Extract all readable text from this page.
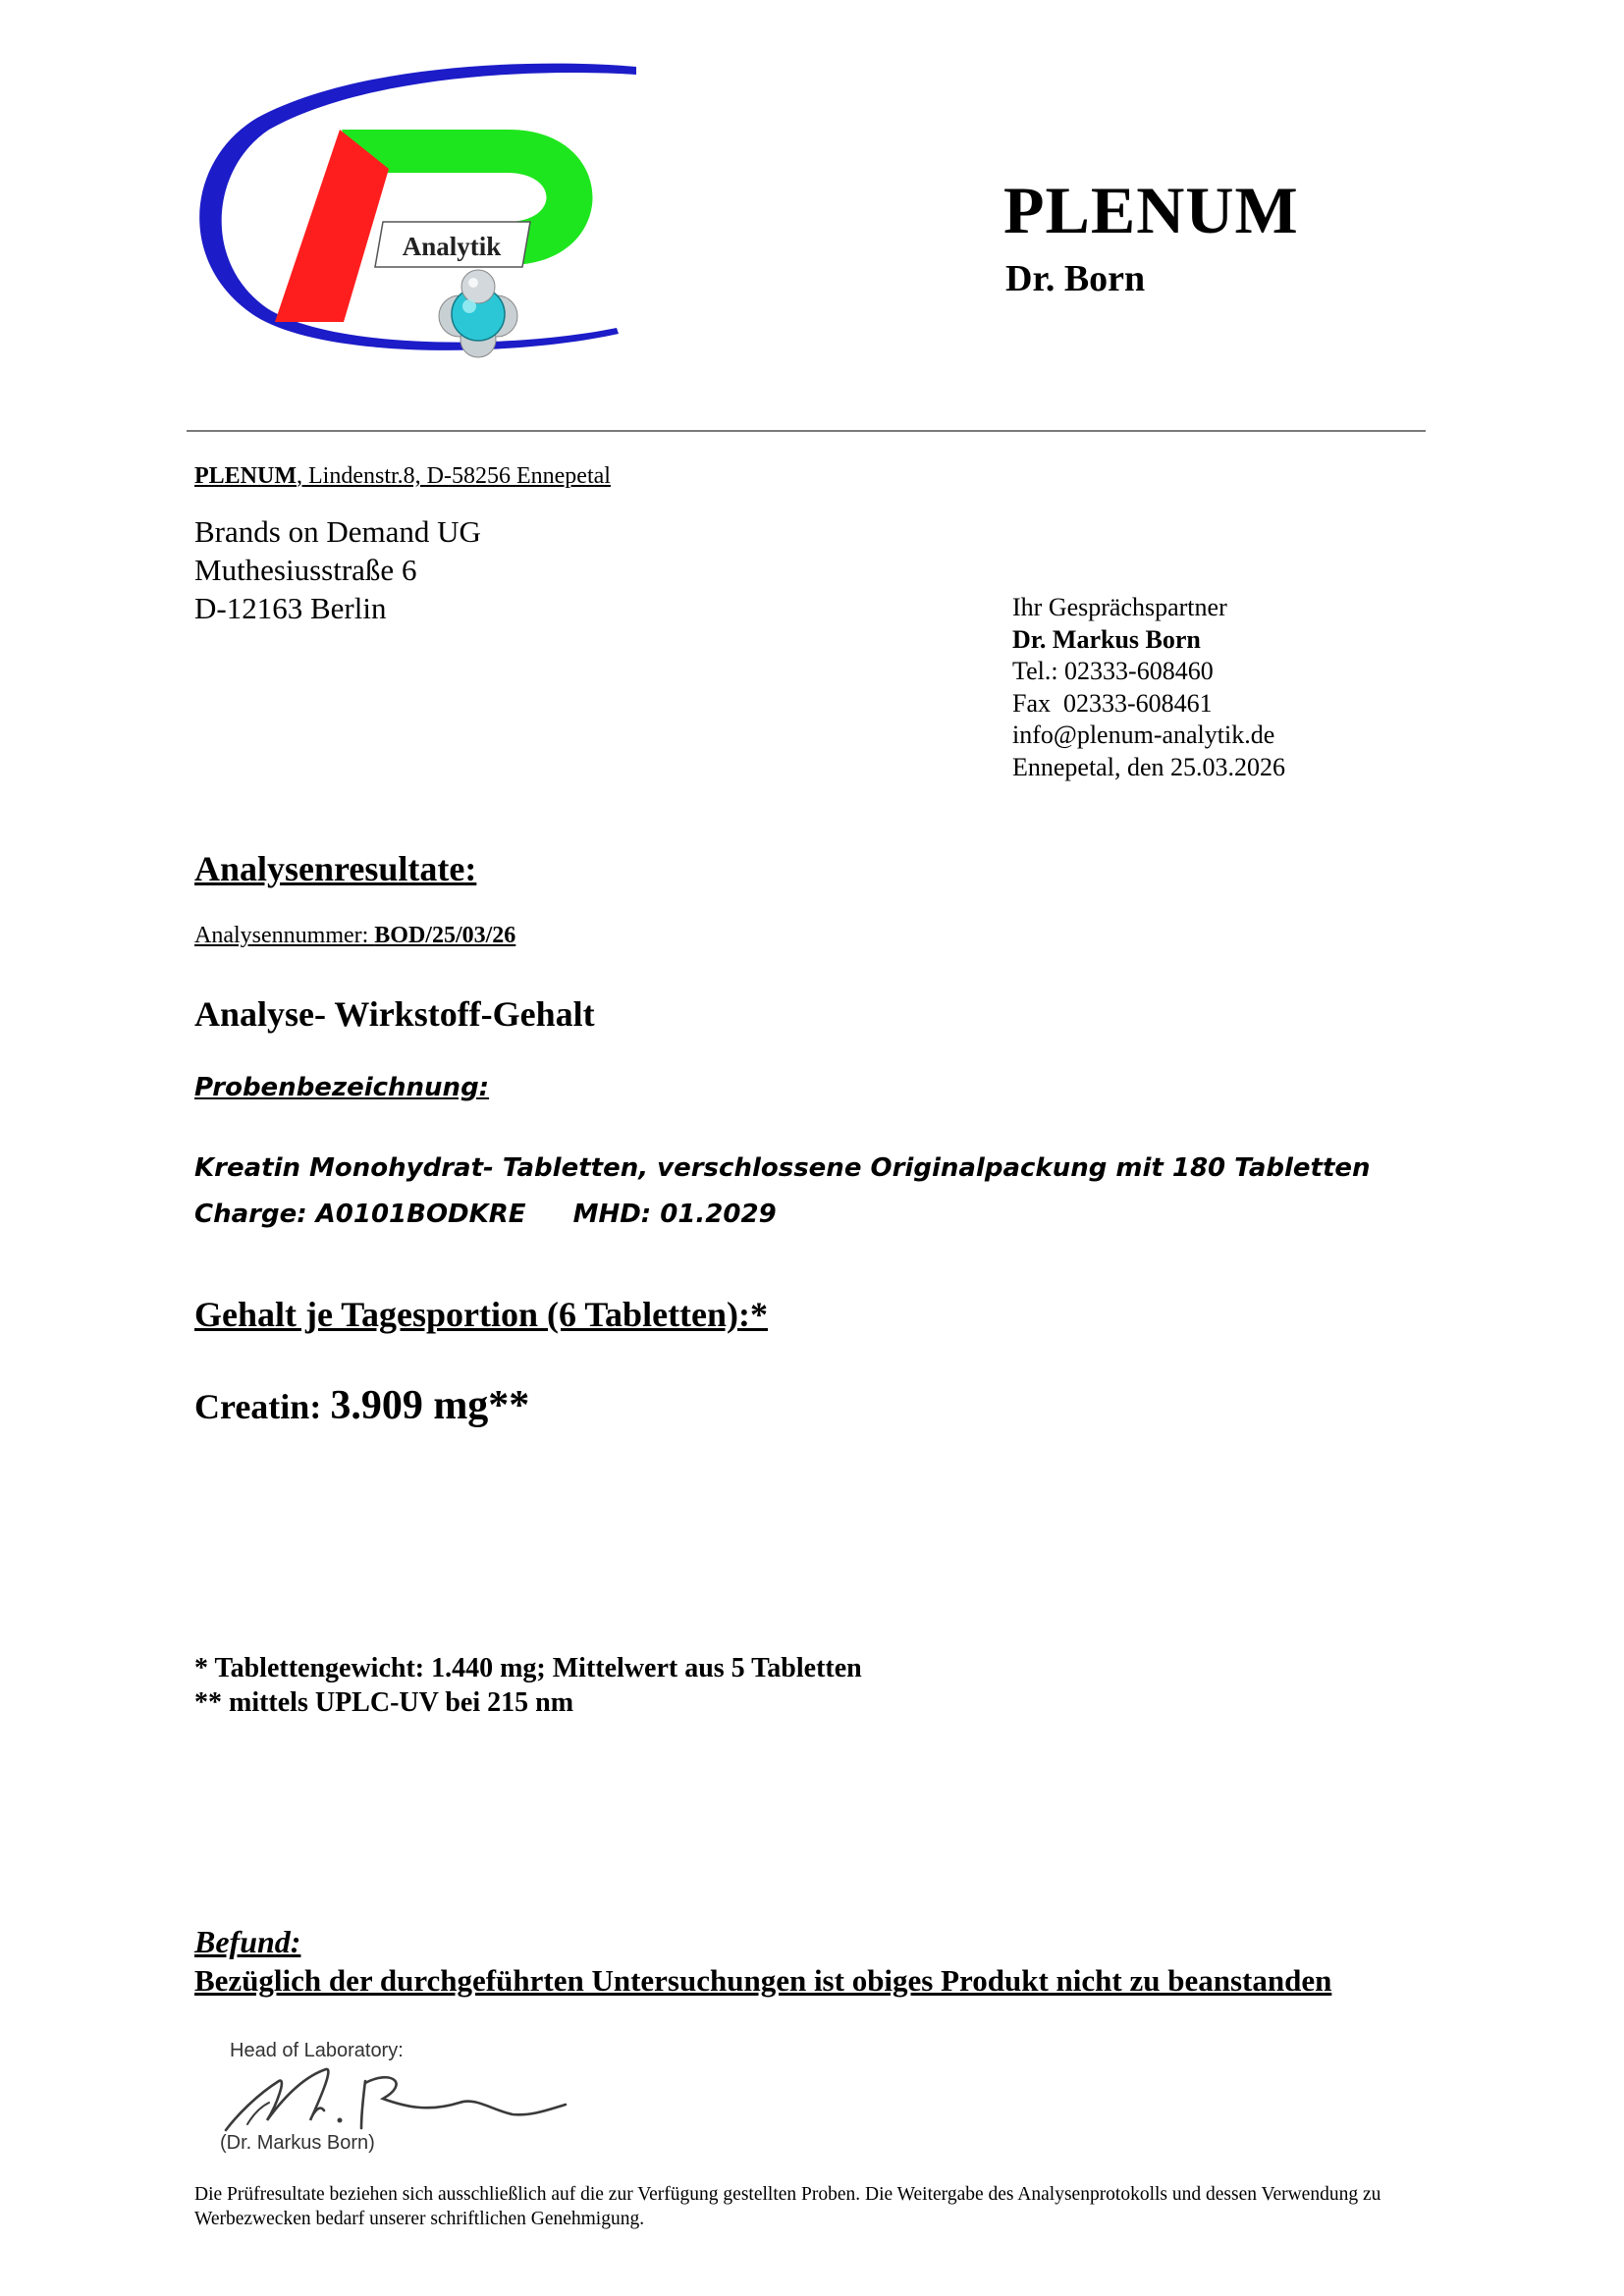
Analytik	PLENUM
Dr. Born
PLENUM, Lindenstr.8, D-58256 Ennepetal
Brands on Demand UG
Muthesiusstraße 6
D-12163 Berlin	Ihr Gesprächspartner
Dr. Markus Born
Tel.: 02333-608460
Fax  02333-608461
info@plenum-analytik.de
Ennepetal, den 25.03.2026
Analysenresultate:
Analysennummer: BOD/25/03/26
Analyse- Wirkstoff-Gehalt
Probenbezeichnung:
Kreatin Monohydrat- Tabletten, verschlossene Originalpackung mit 180 Tabletten
Charge: A0101BODKRE MHD: 01.2029
Gehalt je Tagesportion (6 Tabletten):*
Creatin: 3.909 mg**
* Tablettengewicht: 1.440 mg; Mittelwert aus 5 Tabletten
** mittels UPLC-UV bei 215 nm
Befund:
Bezüglich der durchgeführten Untersuchungen ist obiges Produkt nicht zu beanstanden
Head of Laboratory:
(Dr. Markus Born)
Die Prüfresultate beziehen sich ausschließlich auf die zur Verfügung gestellten Proben. Die Weitergabe des Analysenprotokolls und dessen Verwendung zu Werbezwecken bedarf unserer schriftlichen Genehmigung.
